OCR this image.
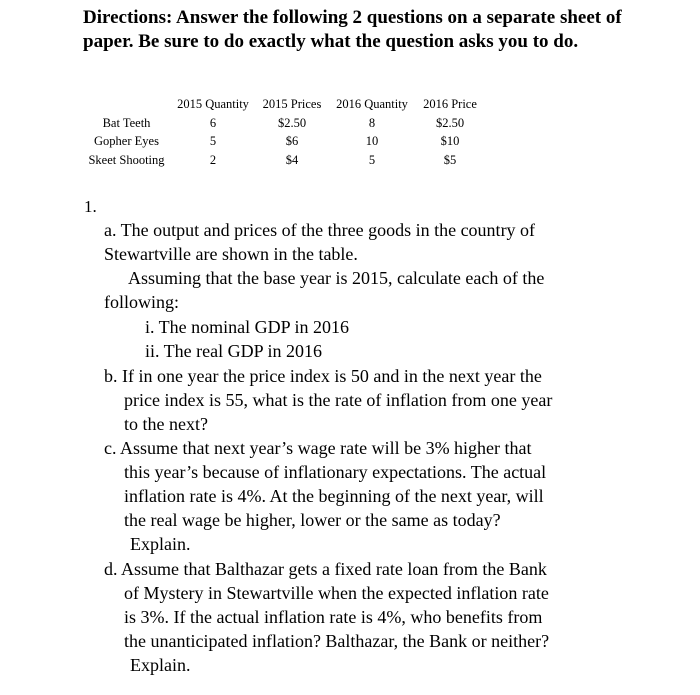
Directions: Answer the following 2 questions on a separate sheet of paper. Be sure to do exactly what the question asks you to do.
	2015 Quantity	2015 Prices	2016 Quantity	2016 Price
Bat Teeth	6	$2.50	8	$2.50
Gopher Eyes	5	$6	10	$10
Skeet Shooting	2	$4	5	$5
1.
a. The output and prices of the three goods in the country of
Stewartville are shown in the table.
Assuming that the base year is 2015, calculate each of the
following:
i. The nominal GDP in 2016
ii. The real GDP in 2016
b. If in one year the price index is 50 and in the next year the
price index is 55, what is the rate of inflation from one year
to the next?
c. Assume that next year’s wage rate will be 3% higher that
this year’s because of inflationary expectations. The actual
inflation rate is 4%. At the beginning of the next year, will
the real wage be higher, lower or the same as today?
Explain.
d. Assume that Balthazar gets a fixed rate loan from the Bank
of Mystery in Stewartville when the expected inflation rate
is 3%. If the actual inflation rate is 4%, who benefits from
the unanticipated inflation? Balthazar, the Bank or neither?
Explain.
